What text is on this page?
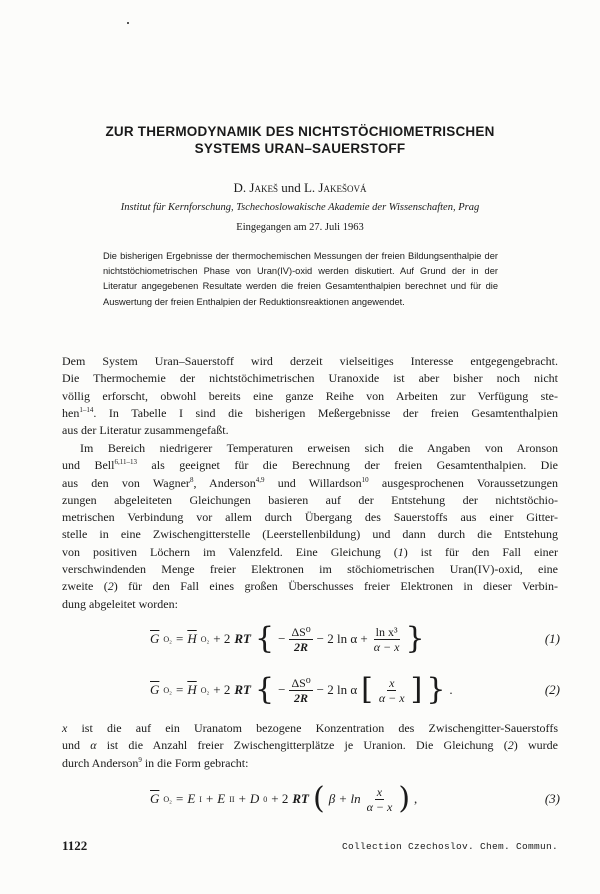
ZUR THERMODYNAMIK DES NICHTSTÖCHIOMETRISCHEN
SYSTEMS URAN–SAUERSTOFF
D. Jakeš und L. Jakešová
Institut für Kernforschung, Tschechoslowakische Akademie der Wissenschaften, Prag
Eingegangen am 27. Juli 1963
Die bisherigen Ergebnisse der thermochemischen Messungen der freien Bildungsenthalpie der nichtstöchiometrischen Phase von Uran(IV)-oxid werden diskutiert. Auf Grund der in der Literatur angegebenen Resultate werden die freien Gesamtenthalpien berechnet und für die Auswertung der freien Enthalpien der Reduktionsreaktionen angewendet.
Dem System Uran–Sauerstoff wird derzeit vielseitiges Interesse entgegengebracht.
Die Thermochemie der nichtstöchimetrischen Uranoxide ist aber bisher noch nicht
völlig erforscht, obwohl bereits eine ganze Reihe von Arbeiten zur Verfügung ste-
hen$^{1-14}$. In Tabelle I sind die bisherigen Meßergebnisse der freien Gesamtenthalpien
aus der Literatur zusammengefaßt.
Im Bereich niedrigerer Temperaturen erweisen sich die Angaben von Aronson
und Bell$^{6,11-13}$ als geeignet für die Berechnung der freien Gesamtenthalpien. Die
aus den von Wagner$^8$, Anderson$^{4,9}$ und Willardson$^{10}$ ausgesprochenen Voraussetzungen
zungen abgeleiteten Gleichungen basieren auf der Entstehung der nichtstöchio-
metrischen Verbindung vor allem durch Übergang des Sauerstoffs aus einer Gitter-
stelle in eine Zwischengitterstelle (Leerstellenbildung) und dann durch die Entstehung
von positiven Löchern im Valenzfeld. Eine Gleichung (1) ist für den Fall einer
verschwindenden Menge freier Elektronen im stöchiometrischen Uran(IV)-oxid, eine
zweite (2) für den Fall eines großen Überschusses freier Elektronen in dieser Verbin-
dung abgeleitet worden:
$\overline{G}$ $O_2 = \overline{H}$ O₂ + 2 RT { − $\frac{\text{ΔS⁰}}{2R} - 2$ $\ln \alpha + \frac{\text{ln x³}}{\alpha - x}$ }	(1)
$\overline{G}$ $O_2 = \overline{H}$ O₂ + 2 RT { − $\frac{\text{ΔS⁰}}{2R} - 2$ ln α [ $\frac{x}{\alpha - x}$ ] } .	(2)
x ist die auf ein Uranatom bezogene Konzentration des Zwischengitter-Sauerstoffs
und α ist die Anzahl freier Zwischengitterplätze je Uranion. Die Gleichung (2) wurde
durch Anderson$^9$ in die Form gebracht:
$\overline{G}$ O₂ = E I + E II + D 0 + 2 RT ( $\beta + \ln \frac{x}{\alpha - x}$ ) ,	(3)
1122	Collection Czechoslov. Chem. Commun.
